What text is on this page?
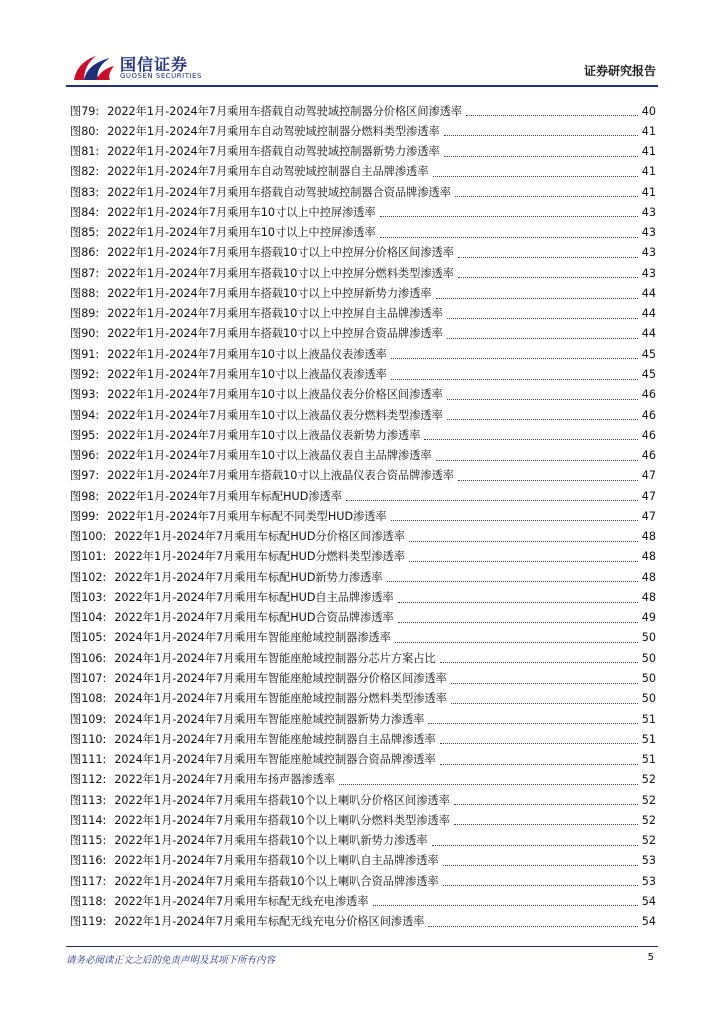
国信证券
GUOSEN SECURITIES	证券研究报告
图79: 2022年1月-2024年7月乘用车搭载自动驾驶域控制器分价格区间渗透率	40
图80: 2022年1月-2024年7月乘用车自动驾驶域控制器分燃料类型渗透率	41
图81: 2022年1月-2024年7月乘用车搭载自动驾驶域控制器新势力渗透率	41
图82: 2022年1月-2024年7月乘用车自动驾驶域控制器自主品牌渗透率	41
图83: 2022年1月-2024年7月乘用车搭载自动驾驶域控制器合资品牌渗透率	41
图84: 2022年1月-2024年7月乘用车10寸以上中控屏渗透率	43
图85: 2022年1月-2024年7月乘用车10寸以上中控屏渗透率	43
图86: 2022年1月-2024年7月乘用车搭载10寸以上中控屏分价格区间渗透率	43
图87: 2022年1月-2024年7月乘用车搭载10寸以上中控屏分燃料类型渗透率	43
图88: 2022年1月-2024年7月乘用车搭载10寸以上中控屏新势力渗透率	44
图89: 2022年1月-2024年7月乘用车搭载10寸以上中控屏自主品牌渗透率	44
图90: 2022年1月-2024年7月乘用车搭载10寸以上中控屏合资品牌渗透率	44
图91: 2022年1月-2024年7月乘用车10寸以上液晶仪表渗透率	45
图92: 2022年1月-2024年7月乘用车10寸以上液晶仪表渗透率	45
图93: 2022年1月-2024年7月乘用车10寸以上液晶仪表分价格区间渗透率	46
图94: 2022年1月-2024年7月乘用车10寸以上液晶仪表分燃料类型渗透率	46
图95: 2022年1月-2024年7月乘用车10寸以上液晶仪表新势力渗透率	46
图96: 2022年1月-2024年7月乘用车10寸以上液晶仪表自主品牌渗透率	46
图97: 2022年1月-2024年7月乘用车搭载10寸以上液晶仪表合资品牌渗透率	47
图98: 2022年1月-2024年7月乘用车标配HUD渗透率	47
图99: 2022年1月-2024年7月乘用车标配不同类型HUD渗透率	47
图100: 2022年1月-2024年7月乘用车标配HUD分价格区间渗透率	48
图101: 2022年1月-2024年7月乘用车标配HUD分燃料类型渗透率	48
图102: 2022年1月-2024年7月乘用车标配HUD新势力渗透率	48
图103: 2022年1月-2024年7月乘用车标配HUD自主品牌渗透率	48
图104: 2022年1月-2024年7月乘用车标配HUD合资品牌渗透率	49
图105: 2024年1月-2024年7月乘用车智能座舱域控制器渗透率	50
图106: 2024年1月-2024年7月乘用车智能座舱域控制器分芯片方案占比	50
图107: 2024年1月-2024年7月乘用车智能座舱域控制器分价格区间渗透率	50
图108: 2024年1月-2024年7月乘用车智能座舱域控制器分燃料类型渗透率	50
图109: 2024年1月-2024年7月乘用车智能座舱域控制器新势力渗透率	51
图110: 2024年1月-2024年7月乘用车智能座舱域控制器自主品牌渗透率	51
图111: 2024年1月-2024年7月乘用车智能座舱域控制器合资品牌渗透率	51
图112: 2022年1月-2024年7月乘用车扬声器渗透率	52
图113: 2022年1月-2024年7月乘用车搭载10个以上喇叭分价格区间渗透率	52
图114: 2022年1月-2024年7月乘用车搭载10个以上喇叭分燃料类型渗透率	52
图115: 2022年1月-2024年7月乘用车搭载10个以上喇叭新势力渗透率	52
图116: 2022年1月-2024年7月乘用车搭载10个以上喇叭自主品牌渗透率	53
图117: 2022年1月-2024年7月乘用车搭载10个以上喇叭合资品牌渗透率	53
图118: 2022年1月-2024年7月乘用车标配无线充电渗透率	54
图119: 2022年1月-2024年7月乘用车标配无线充电分价格区间渗透率	54
请务必阅读正文之后的免责声明及其项下所有内容	5
